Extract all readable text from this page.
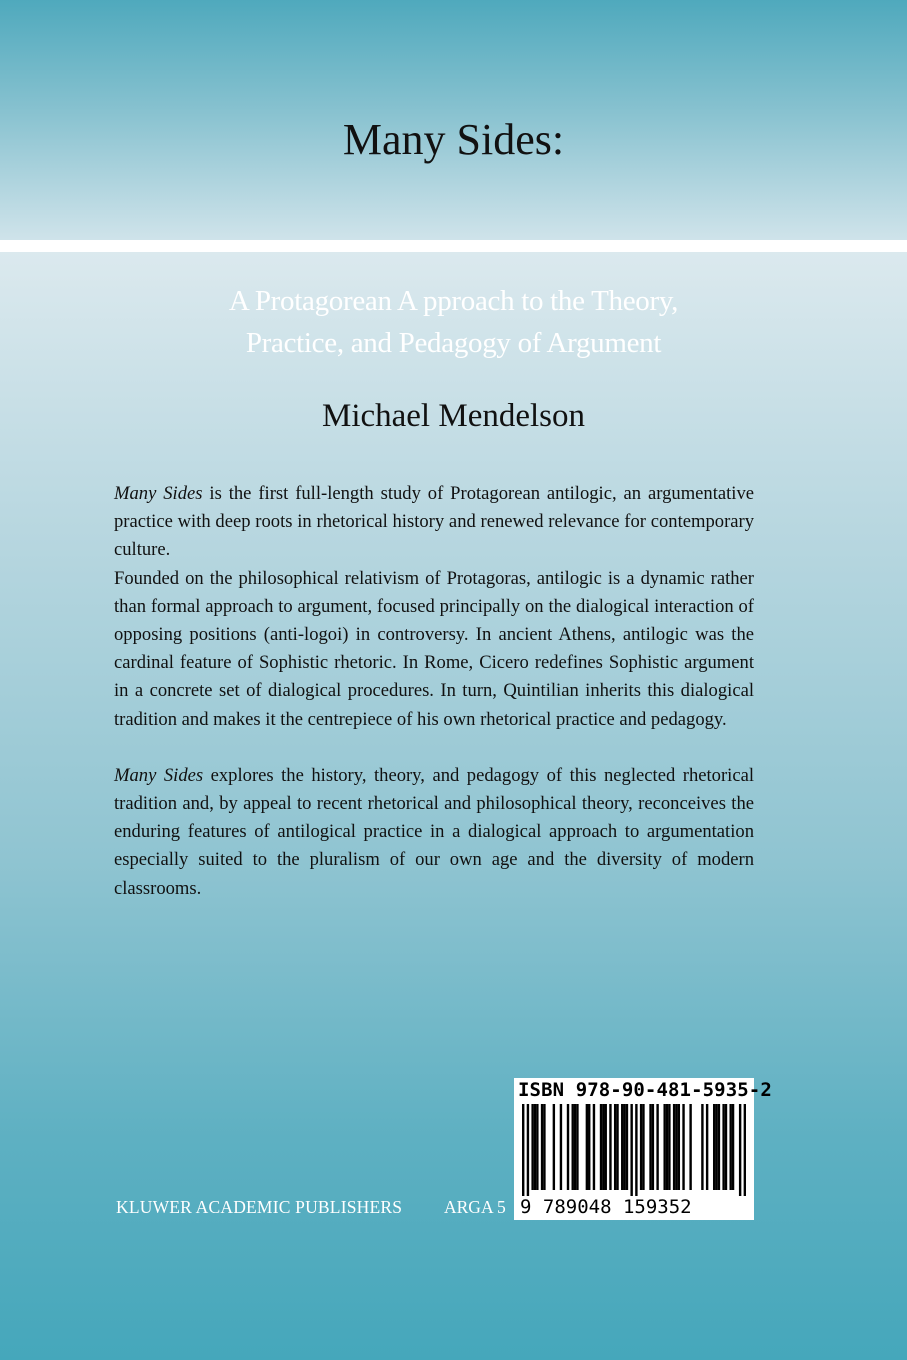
Many Sides:
A Protagorean A pproach to the Theory,
Practice, and Pedagogy of Argument
Michael Mendelson

Many Sides is the first full-length study of Protagorean antilogic, an argumentative practice with deep roots in rhetorical history and renewed relevance for contemporary culture.

Founded on the philosophical relativism of Protagoras, antilogic is a dynamic rather than formal approach to argument, focused principally on the dialogical interaction of opposing positions (anti-logoi) in controversy. In ancient Athens, antilogic was the cardinal feature of Sophistic rhetoric. In Rome, Cicero redefines Sophistic argument in a concrete set of dialogical procedures. In turn, Quintilian inherits this dialogical tradition and makes it the centrepiece of his own rhetorical practice and pedagogy.

Many Sides explores the history, theory, and pedagogy of this neglected rhetorical tradition and, by appeal to recent rhetorical and philosophical theory, reconceives the enduring features of antilogical practice in a dialogical approach to argumentation especially suited to the pluralism of our own age and the diversity of modern classrooms.

KLUWER ACADEMIC PUBLISHERS ARGA 5
ISBN 978-90-481-5935-2
9 789048 159352
